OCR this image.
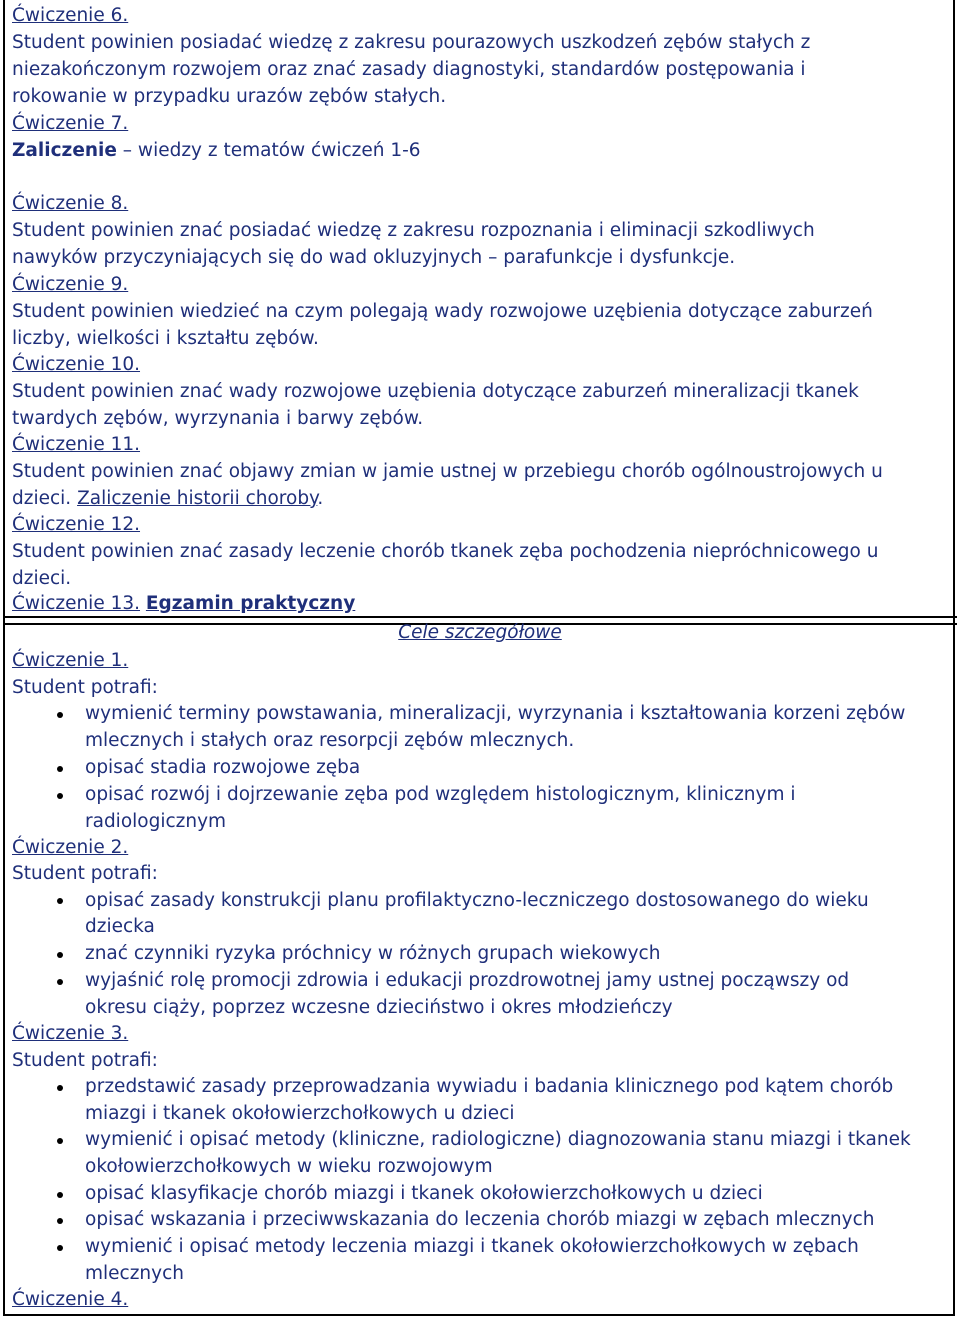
Ćwiczenie 6.
Student powinien posiadać wiedzę z zakresu pourazowych uszkodzeń zębów stałych z
niezakończonym rozwojem oraz znać zasady diagnostyki, standardów postępowania i
rokowanie w przypadku urazów zębów stałych.
Ćwiczenie 7.
Zaliczenie – wiedzy z tematów ćwiczeń 1-6
Ćwiczenie 8.
Student powinien znać posiadać wiedzę z zakresu rozpoznania i eliminacji szkodliwych
nawyków przyczyniających się do wad okluzyjnych – parafunkcje i dysfunkcje.
Ćwiczenie 9.
Student powinien wiedzieć na czym polegają wady rozwojowe uzębienia dotyczące zaburzeń
liczby, wielkości i kształtu zębów.
Ćwiczenie 10.
Student powinien znać wady rozwojowe uzębienia dotyczące zaburzeń mineralizacji tkanek
twardych zębów, wyrzynania i barwy zębów.
Ćwiczenie 11.
Student powinien znać objawy zmian w jamie ustnej w przebiegu chorób ogólnoustrojowych u
dzieci. Zaliczenie historii choroby.
Ćwiczenie 12.
Student powinien znać zasady leczenie chorób tkanek zęba pochodzenia niepróchnicowego u
dzieci.
Ćwiczenie 13. Egzamin praktyczny
Cele szczegółowe
Ćwiczenie 1.
Student potrafi:
wymienić terminy powstawania, mineralizacji, wyrzynania i kształtowania korzeni zębów
mlecznych i stałych oraz resorpcji zębów mlecznych.
opisać stadia rozwojowe zęba
opisać rozwój i dojrzewanie zęba pod względem histologicznym, klinicznym i
radiologicznym
Ćwiczenie 2.
Student potrafi:
opisać zasady konstrukcji planu profilaktyczno-leczniczego dostosowanego do wieku
dziecka
znać czynniki ryzyka próchnicy w różnych grupach wiekowych
wyjaśnić rolę promocji zdrowia i edukacji prozdrowotnej jamy ustnej począwszy od
okresu ciąży, poprzez wczesne dzieciństwo i okres młodzieńczy
Ćwiczenie 3.
Student potrafi:
przedstawić zasady przeprowadzania wywiadu i badania klinicznego pod kątem chorób
miazgi i tkanek okołowierzchołkowych u dzieci
wymienić i opisać metody (kliniczne, radiologiczne) diagnozowania stanu miazgi i tkanek
okołowierzchołkowych w wieku rozwojowym
opisać klasyfikacje chorób miazgi i tkanek okołowierzchołkowych u dzieci
opisać wskazania i przeciwwskazania do leczenia chorób miazgi w zębach mlecznych
wymienić i opisać metody leczenia miazgi i tkanek okołowierzchołkowych w zębach
mlecznych
Ćwiczenie 4.
